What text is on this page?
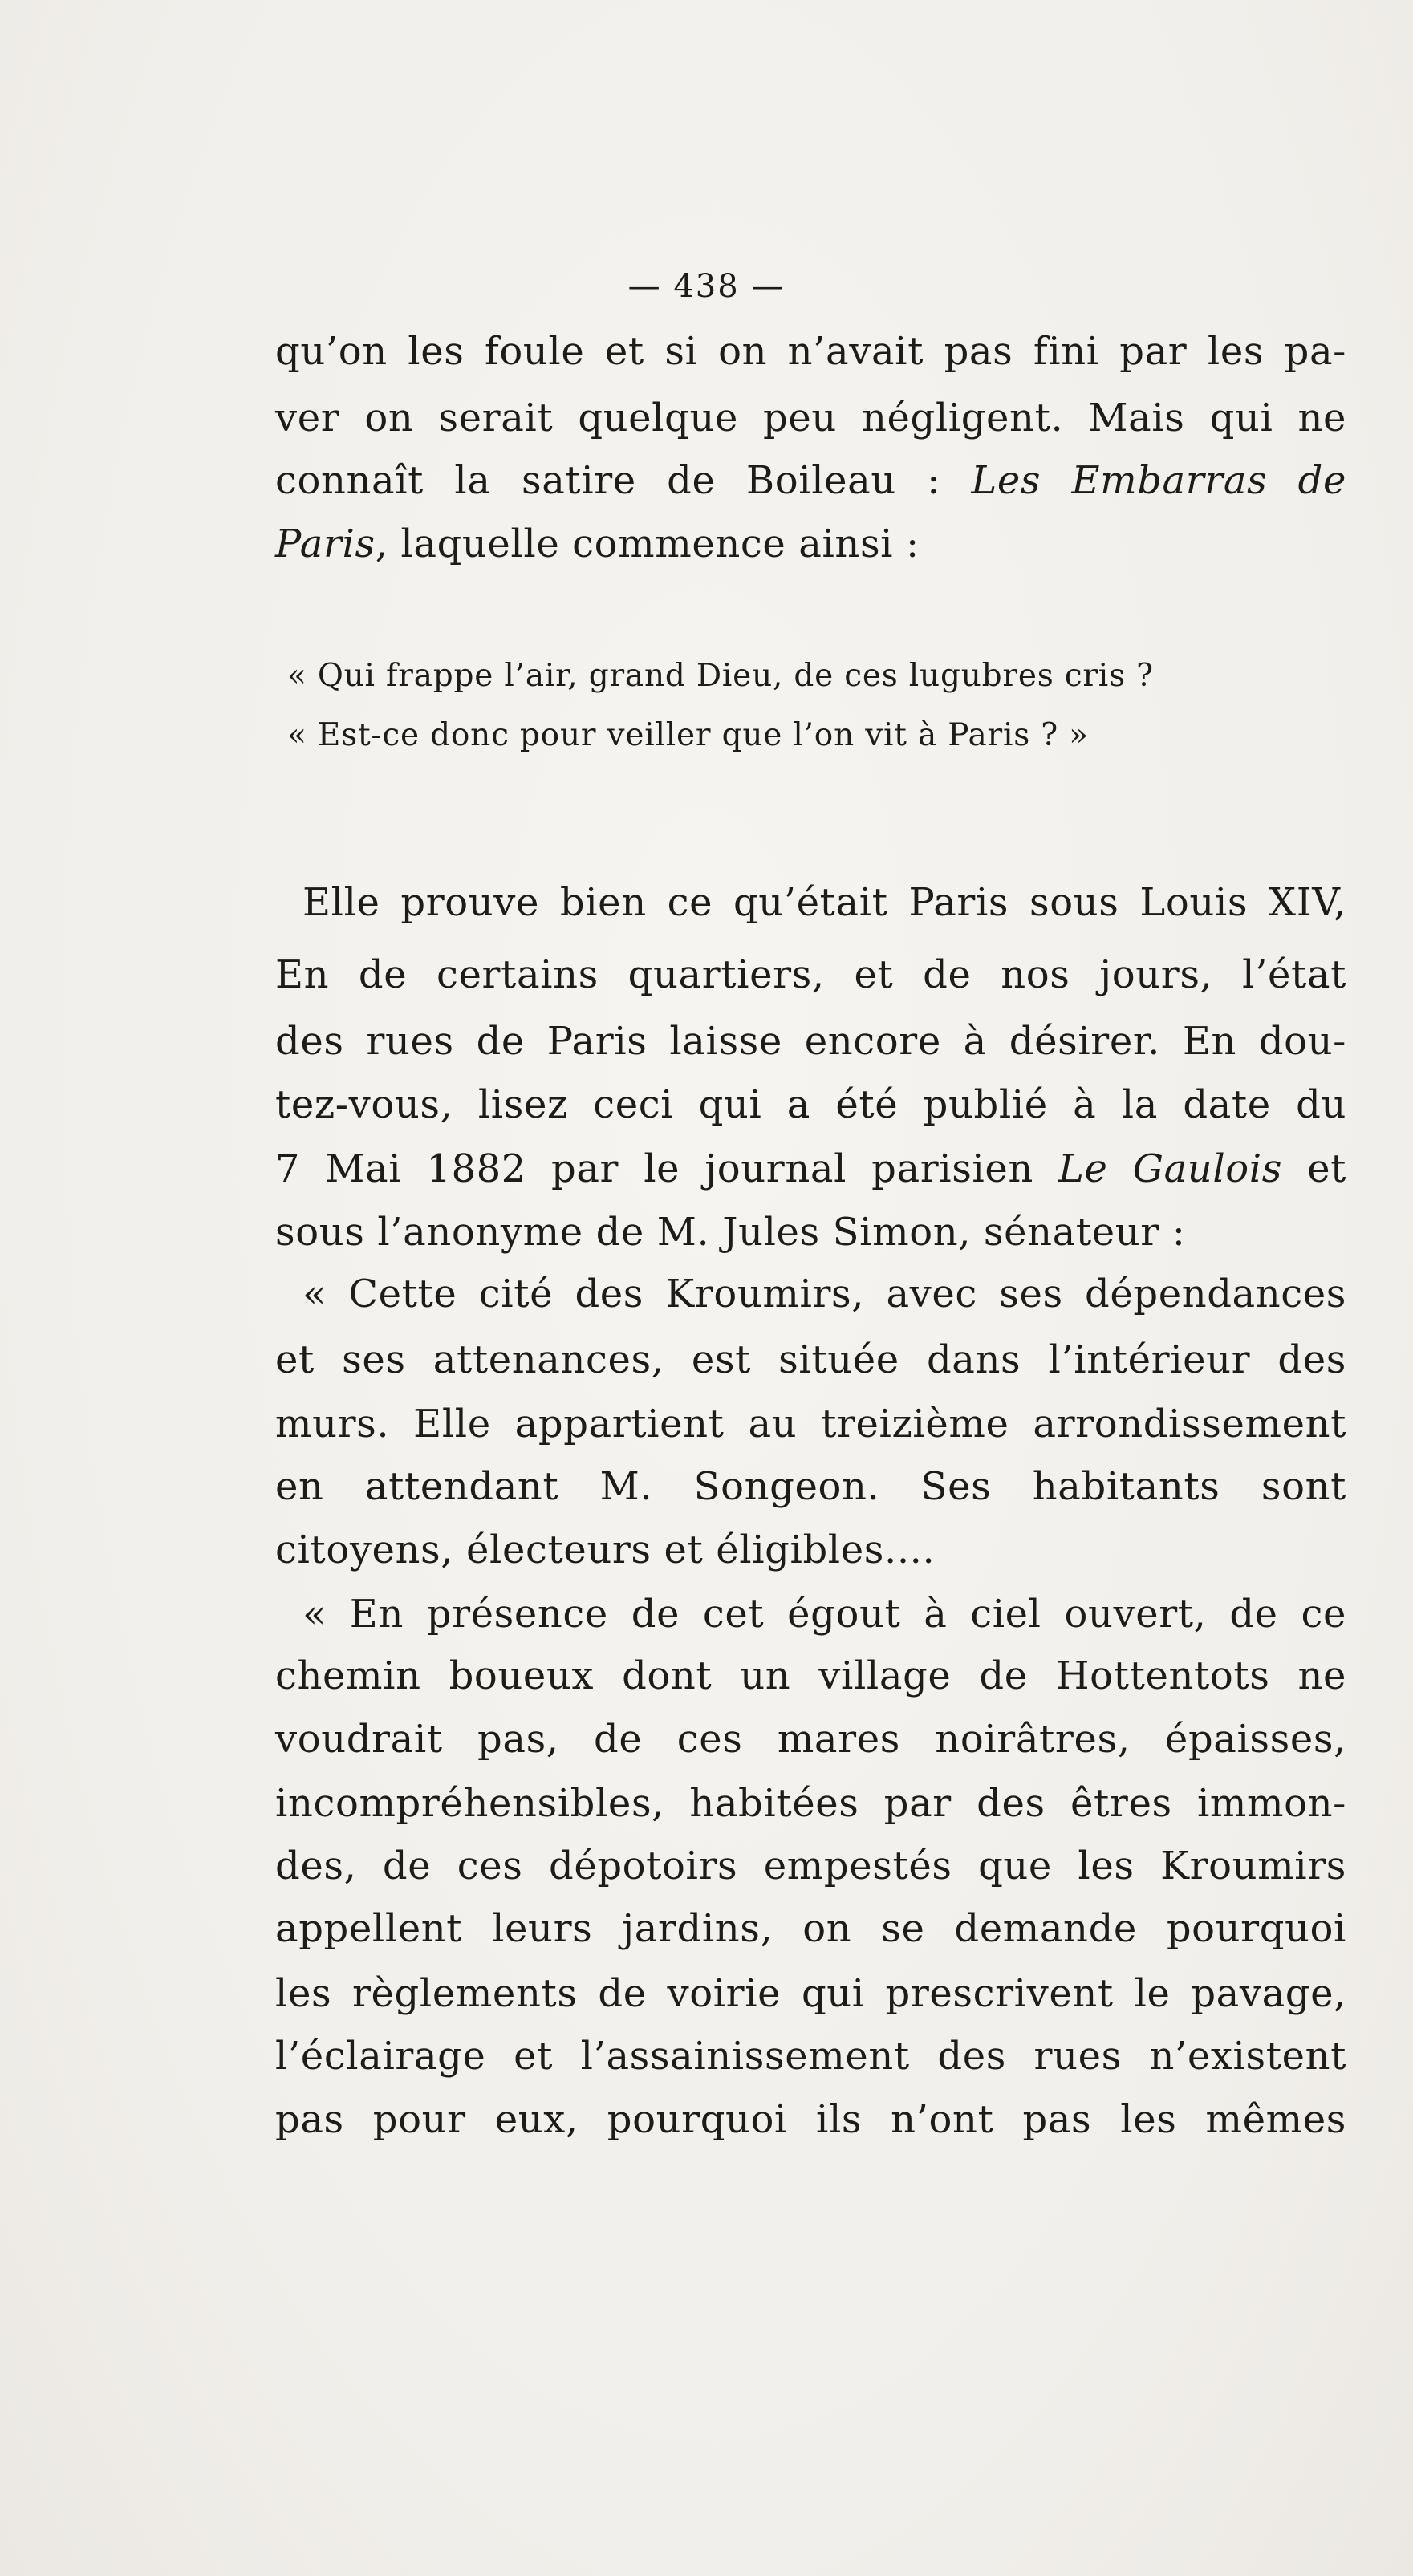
— 438 —
qu’on les foule et si on n’avait pas fini par les pa-
ver on serait quelque peu négligent. Mais qui ne
connaît la satire de Boileau : Les Embarras de
Paris, laquelle commence ainsi :
« Qui frappe l’air, grand Dieu, de ces lugubres cris ?
« Est-ce donc pour veiller que l’on vit à Paris ? »
Elle prouve bien ce qu’était Paris sous Louis XIV,
En de certains quartiers, et de nos jours, l’état
des rues de Paris laisse encore à désirer. En dou-
tez-vous, lisez ceci qui a été publié à la date du
7 Mai 1882 par le journal parisien Le Gaulois et
sous l’anonyme de M. Jules Simon, sénateur :
« Cette cité des Kroumirs, avec ses dépendances
et ses attenances, est située dans l’intérieur des
murs. Elle appartient au treizième arrondissement
en attendant M. Songeon. Ses habitants sont
citoyens, électeurs et éligibles....
« En présence de cet égout à ciel ouvert, de ce
chemin boueux dont un village de Hottentots ne
voudrait pas, de ces mares noirâtres, épaisses,
incompréhensibles, habitées par des êtres immon-
des, de ces dépotoirs empestés que les Kroumirs
appellent leurs jardins, on se demande pourquoi
les règlements de voirie qui prescrivent le pavage,
l’éclairage et l’assainissement des rues n’existent
pas pour eux, pourquoi ils n’ont pas les mêmes
